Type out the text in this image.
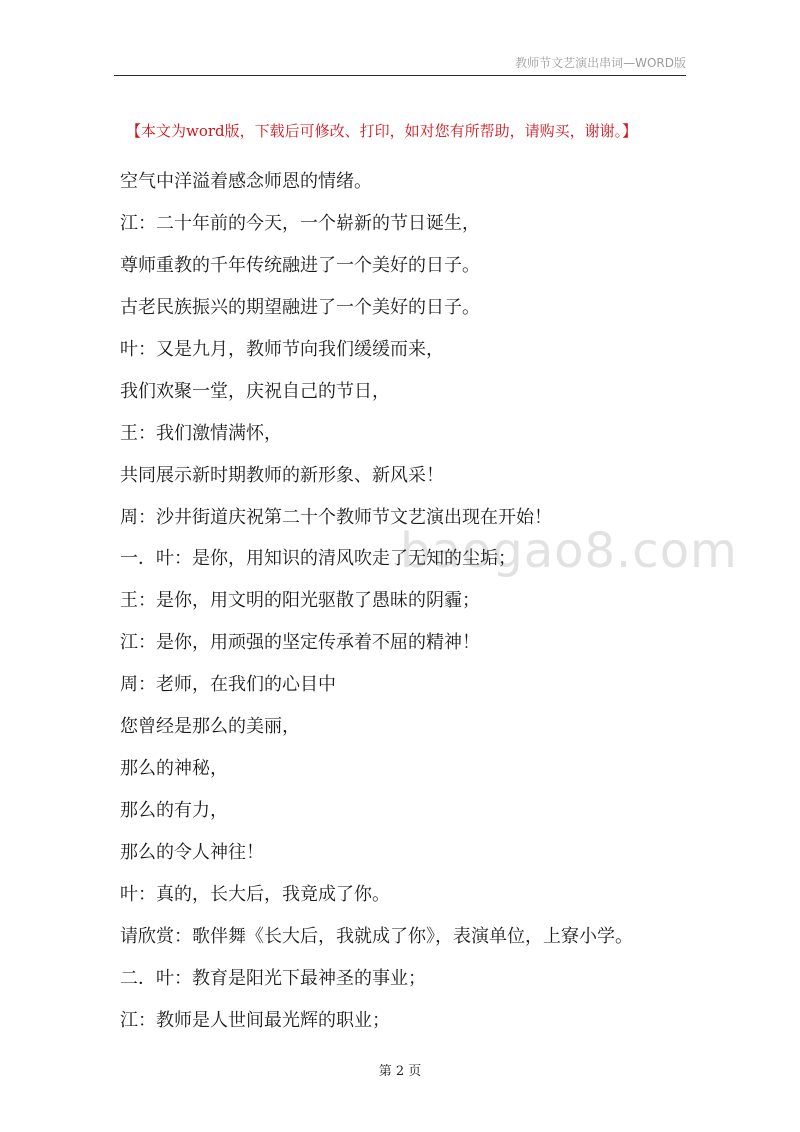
教师节文艺演出串词—WORD版
【本文为word版，下载后可修改、打印，如对您有所帮助，请购买，谢谢。】
baogao8.com
空气中洋溢着感念师恩的情绪。
江：二十年前的今天，一个崭新的节日诞生，
尊师重教的千年传统融进了一个美好的日子。
古老民族振兴的期望融进了一个美好的日子。
叶：又是九月，教师节向我们缓缓而来，
我们欢聚一堂，庆祝自己的节日，
王：我们激情满怀，
共同展示新时期教师的新形象、新风采！
周：沙井街道庆祝第二十个教师节文艺演出现在开始！
一．叶：是你，用知识的清风吹走了无知的尘垢；
王：是你，用文明的阳光驱散了愚昧的阴霾；
江：是你，用顽强的坚定传承着不屈的精神！
周：老师，在我们的心目中
您曾经是那么的美丽，
那么的神秘，
那么的有力，
那么的令人神往！
叶：真的，长大后，我竟成了你。
请欣赏：歌伴舞《长大后，我就成了你》，表演单位，上寮小学。
二．叶：教育是阳光下最神圣的事业；
江：教师是人世间最光辉的职业；
第 2 页
